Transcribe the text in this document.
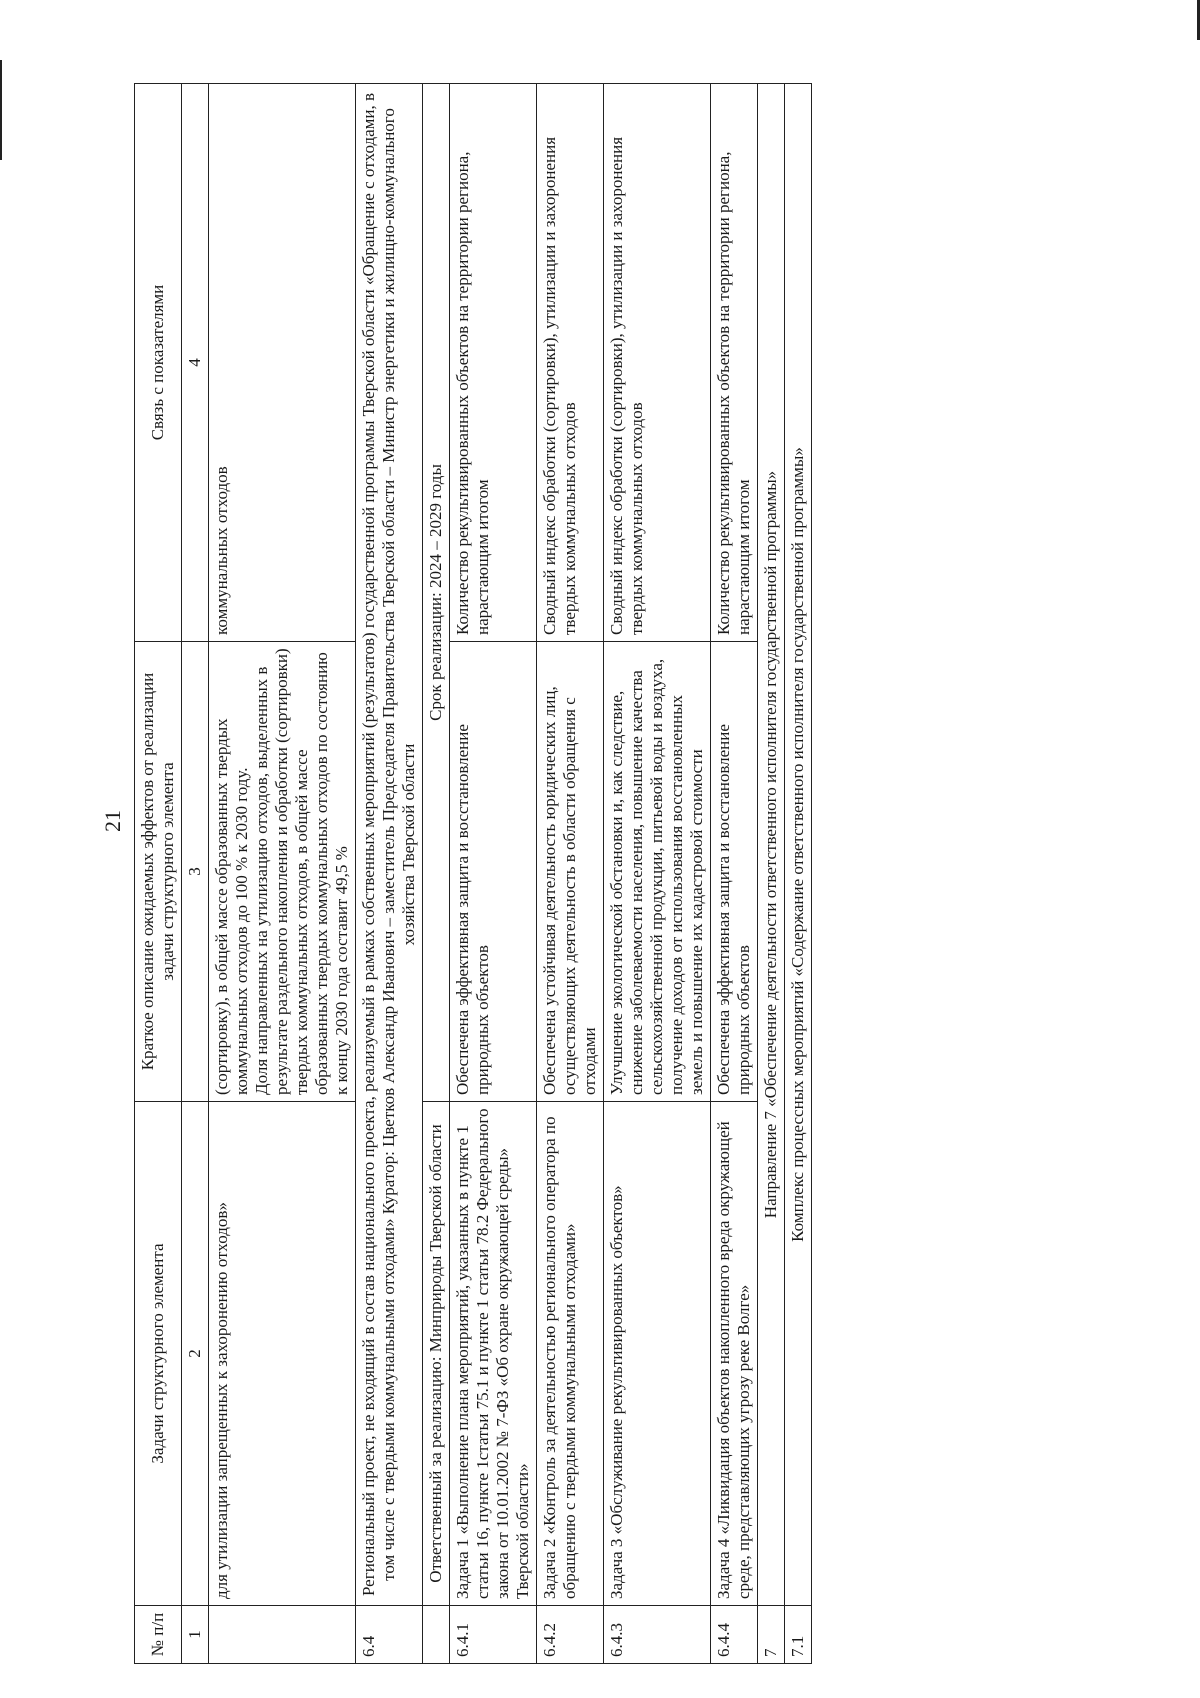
21
№ п/п	Задачи структурного элемента	Краткое описание ожидаемых эффектов от реализации задачи структурного элемента	Связь с показателями
1	2	3	4
	для утилизации запрещенных к захоронению отходов»	(сортировку), в общей массе образованных твердых коммунальных отходов до 100 % к 2030 году. Доля направленных на утилизацию отходов, выделенных в результате раздельного накопления и обработки (сортировки) твердых коммунальных отходов, в общей массе образованных твердых коммунальных отходов по состоянию к концу 2030 года составит 49,5 %	коммунальных отходов
6.4	Региональный проект, не входящий в состав национального проекта, реализуемый в рамках собственных мероприятий (результатов) государственной программы Тверской области «Обращение с отходами, в том числе с твердыми коммунальными отходами» Куратор: Цветков Александр Иванович – заместитель Председателя Правительства Тверской области – Министр энергетики и жилищно-коммунального хозяйства Тверской области		
	Ответственный за реализацию: Минприроды Тверской области	Срок реализации: 2024 – 2029 годы	
6.4.1	Задача 1 «Выполнение плана мероприятий, указанных в пункте 1 статьи 16, пункте 1статьи 75.1 и пункте 1 статьи 78.2 Федерального закона от 10.01.2002 № 7-ФЗ «Об охране окружающей среды» Тверской области»	Обеспечена эффективная защита и восстановление природных объектов	Количество рекультивированных объектов на территории региона, нарастающим итогом
6.4.2	Задача 2 «Контроль за деятельностью регионального оператора по обращению с твердыми коммунальными отходами»	Обеспечена устойчивая деятельность юридических лиц, осуществляющих деятельность в области обращения с отходами	Сводный индекс обработки (сортировки), утилизации и захоронения твердых коммунальных отходов
6.4.3	Задача 3 «Обслуживание рекультивированных объектов»	Улучшение экологической обстановки и, как следствие, снижение заболеваемости населения, повышение качества сельскохозяйственной продукции, питьевой воды и воздуха, получение доходов от использования восстановленных земель и повышение их кадастровой стоимости	Сводный индекс обработки (сортировки), утилизации и захоронения твердых коммунальных отходов
6.4.4	Задача 4 «Ликвидация объектов накопленного вреда окружающей среде, представляющих угрозу реке Волге»	Обеспечена эффективная защита и восстановление природных объектов	Количество рекультивированных объектов на территории региона, нарастающим итогом
7	Направление 7 «Обеспечение деятельности ответственного исполнителя государственной программы»		
7.1	Комплекс процессных мероприятий «Содержание ответственного исполнителя государственной программы»		
